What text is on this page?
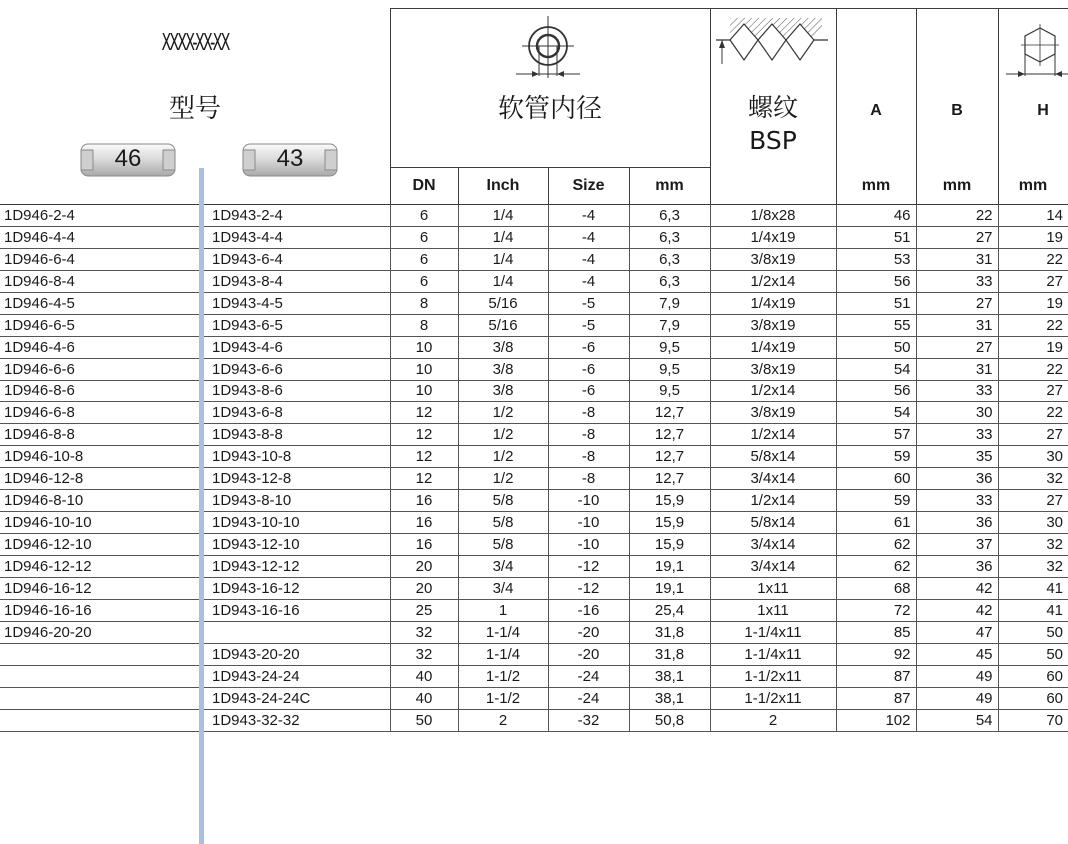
XXXX-XX-XX
型号
46	43
软管内径	螺纹
BSP
A	B	H
DN	Inch	Size	mm	mm	mm	mm
1D946-2-4	1D943-2-4	6	1/4	-4	6,3	1/8x28	46	22	14
1D946-4-4	1D943-4-4	6	1/4	-4	6,3	1/4x19	51	27	19
1D946-6-4	1D943-6-4	6	1/4	-4	6,3	3/8x19	53	31	22
1D946-8-4	1D943-8-4	6	1/4	-4	6,3	1/2x14	56	33	27
1D946-4-5	1D943-4-5	8	5/16	-5	7,9	1/4x19	51	27	19
1D946-6-5	1D943-6-5	8	5/16	-5	7,9	3/8x19	55	31	22
1D946-4-6	1D943-4-6	10	3/8	-6	9,5	1/4x19	50	27	19
1D946-6-6	1D943-6-6	10	3/8	-6	9,5	3/8x19	54	31	22
1D946-8-6	1D943-8-6	10	3/8	-6	9,5	1/2x14	56	33	27
1D946-6-8	1D943-6-8	12	1/2	-8	12,7	3/8x19	54	30	22
1D946-8-8	1D943-8-8	12	1/2	-8	12,7	1/2x14	57	33	27
1D946-10-8	1D943-10-8	12	1/2	-8	12,7	5/8x14	59	35	30
1D946-12-8	1D943-12-8	12	1/2	-8	12,7	3/4x14	60	36	32
1D946-8-10	1D943-8-10	16	5/8	-10	15,9	1/2x14	59	33	27
1D946-10-10	1D943-10-10	16	5/8	-10	15,9	5/8x14	61	36	30
1D946-12-10	1D943-12-10	16	5/8	-10	15,9	3/4x14	62	37	32
1D946-12-12	1D943-12-12	20	3/4	-12	19,1	3/4x14	62	36	32
1D946-16-12	1D943-16-12	20	3/4	-12	19,1	1x11	68	42	41
1D946-16-16	1D943-16-16	25	1	-16	25,4	1x11	72	42	41
1D946-20-20		32	1-1/4	-20	31,8	1-1/4x11	85	47	50
	1D943-20-20	32	1-1/4	-20	31,8	1-1/4x11	92	45	50
	1D943-24-24	40	1-1/2	-24	38,1	1-1/2x11	87	49	60
	1D943-24-24C	40	1-1/2	-24	38,1	1-1/2x11	87	49	60
	1D943-32-32	50	2	-32	50,8	2	102	54	70
